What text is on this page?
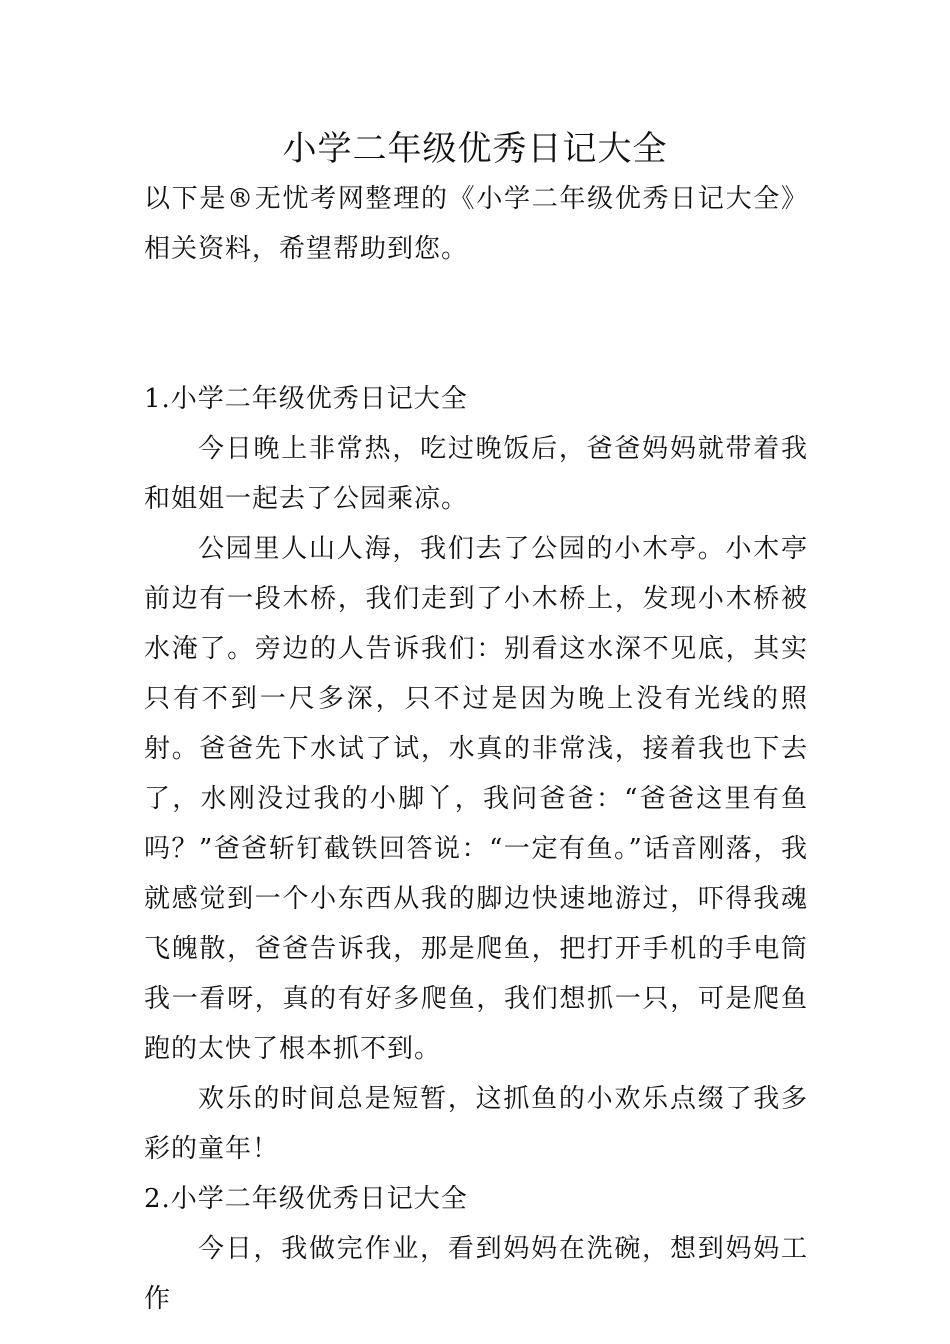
小学二年级优秀日记大全

以下是®无忧考网整理的《小学二年级优秀日记大全》相关资料，希望帮助到您。

1.小学二年级优秀日记大全

今日晚上非常热，吃过晚饭后，爸爸妈妈就带着我和姐姐一起去了公园乘凉。

公园里人山人海，我们去了公园的小木亭。小木亭前边有一段木桥，我们走到了小木桥上，发现小木桥被水淹了。旁边的人告诉我们：别看这水深不见底，其实只有不到一尺多深，只不过是因为晚上没有光线的照射。爸爸先下水试了试，水真的非常浅，接着我也下去了，水刚没过我的小脚丫，我问爸爸：“爸爸这里有鱼吗？”爸爸斩钉截铁回答说：“一定有鱼。”话音刚落，我就感觉到一个小东西从我的脚边快速地游过，吓得我魂飞魄散，爸爸告诉我，那是爬鱼，把打开手机的手电筒我一看呀，真的有好多爬鱼，我们想抓一只，可是爬鱼跑的太快了根本抓不到。

欢乐的时间总是短暂，这抓鱼的小欢乐点缀了我多彩的童年！

2.小学二年级优秀日记大全

今日，我做完作业，看到妈妈在洗碗，想到妈妈工作
